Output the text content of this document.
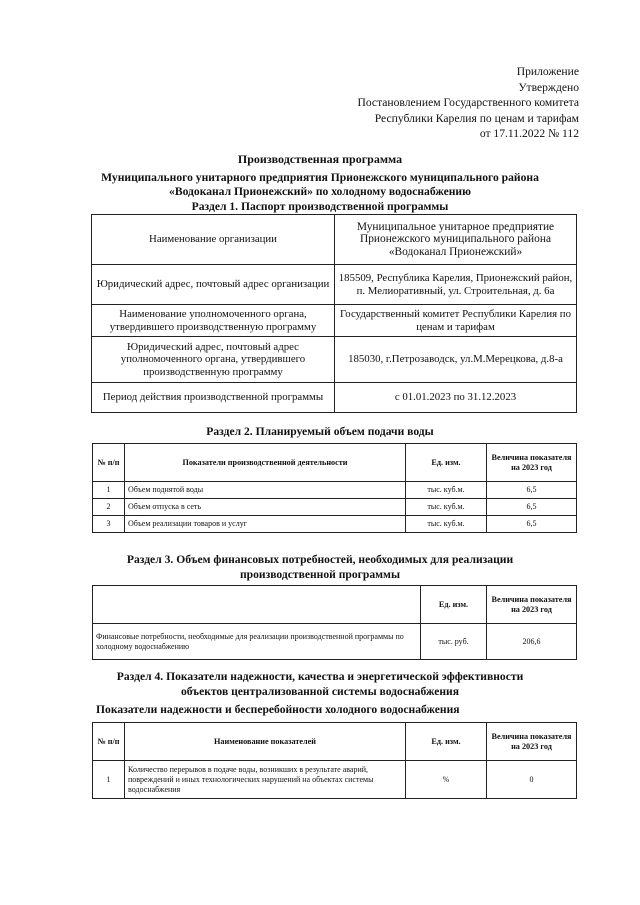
Приложение
Утверждено
Постановлением Государственного комитета
Республики Карелия по ценам и тарифам
от 17.11.2022 № 112
Производственная программа
Муниципального унитарного предприятия Прионежского муниципального района
«Водоканал Прионежский» по холодному водоснабжению
Раздел 1. Паспорт производственной программы
Наименование организации	Муниципальное унитарное предприятие Прионежского муниципального района «Водоканал Прионежский»
Юридический адрес, почтовый адрес организации	185509, Республика Карелия, Прионежский район, п. Мелиоративный, ул. Строительная, д. 6а
Наименование уполномоченного органа, утвердившего производственную программу	Государственный комитет Республики Карелия по ценам и тарифам
Юридический адрес, почтовый адрес уполномоченного органа, утвердившего производственную программу	185030, г.Петрозаводск, ул.М.Мерецкова, д.8-а
Период действия производственной программы	с 01.01.2023 по 31.12.2023
Раздел 2. Планируемый объем подачи воды
№ п/п	Показатели производственной деятельности	Ед. изм.	Величина показателя на 2023 год
1	Объем поднятой воды	тыс. куб.м.	6,5
2	Объем отпуска в сеть	тыс. куб.м.	6,5
3	Объем реализации товаров и услуг	тыс. куб.м.	6,5
Раздел 3. Объем финансовых потребностей, необходимых для реализации
производственной программы
	Ед. изм.	Величина показателя на 2023 год
Финансовые потребности, необходимые для реализации производственной программы по холодному водоснабжению	тыс. руб.	206,6
Раздел 4. Показатели надежности, качества и энергетической эффективности
объектов централизованной системы водоснабжения
Показатели надежности и бесперебойности холодного водоснабжения
№ п/п	Наименование показателей	Ед. изм.	Величина показателя на 2023 год
1	Количество перерывов в подаче воды, возникших в результате аварий, повреждений и иных технологических нарушений на объектах системы водоснабжения	%	0
